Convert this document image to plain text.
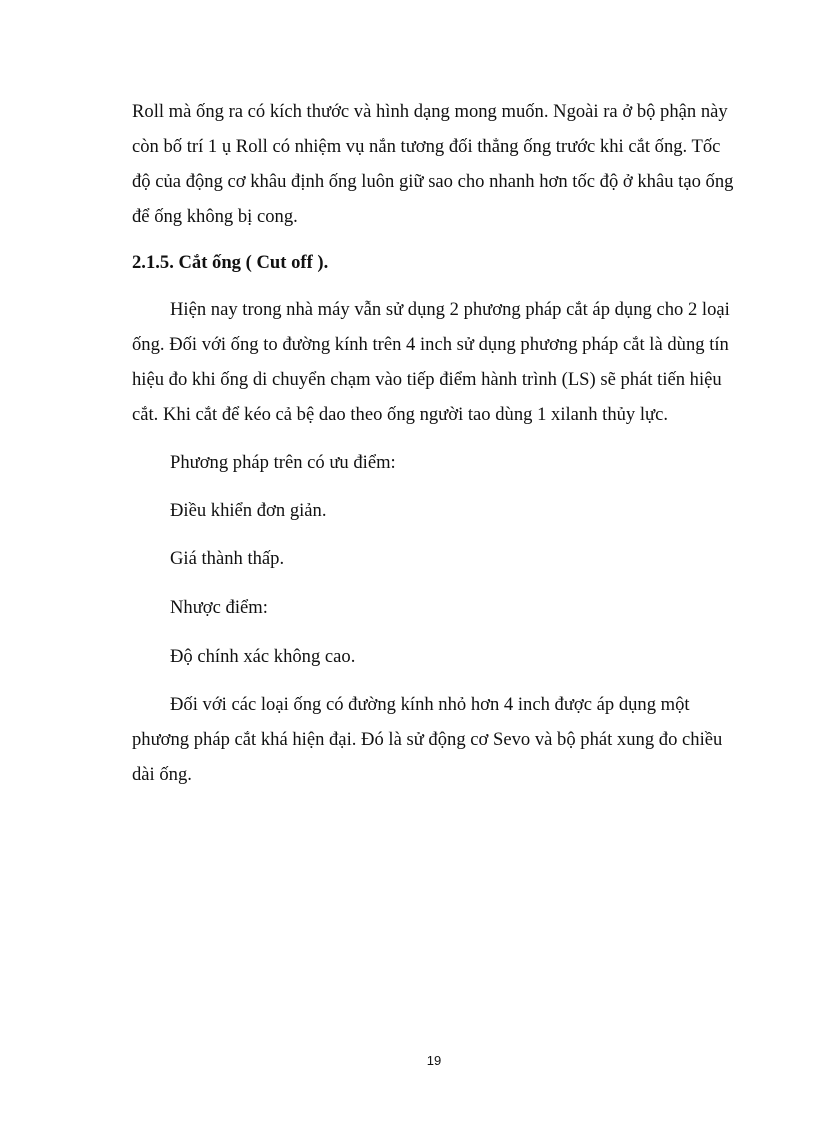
Roll mà ống ra có kích thước và hình dạng mong muốn. Ngoài ra ở bộ phận này
còn bố trí 1 ụ Roll có nhiệm vụ nắn tương đối thẳng ống trước khi cắt ống. Tốc
độ của động cơ khâu định ống luôn giữ sao cho nhanh hơn tốc độ ở khâu tạo ống
để ống không bị cong.
2.1.5. Cắt ống ( Cut off ).
Hiện nay trong nhà máy vẫn sử dụng 2 phương pháp cắt áp dụng cho 2 loại
ống. Đối với ống to đường kính trên 4 inch sử dụng phương pháp cắt là dùng tín
hiệu đo khi ống di chuyển chạm vào tiếp điểm hành trình (LS) sẽ phát tiến hiệu
cắt. Khi cắt để kéo cả bệ dao theo ống người tao dùng 1 xilanh thủy lực.
Phương pháp trên có ưu điểm:
Điều khiển đơn giản.
Giá thành thấp.
Nhược điểm:
Độ chính xác không cao.
Đối với các loại ống có đường kính nhỏ hơn 4 inch được áp dụng một
phương pháp cắt khá hiện đại. Đó là sử động cơ Sevo và bộ phát xung đo chiều
dài ống.
19
